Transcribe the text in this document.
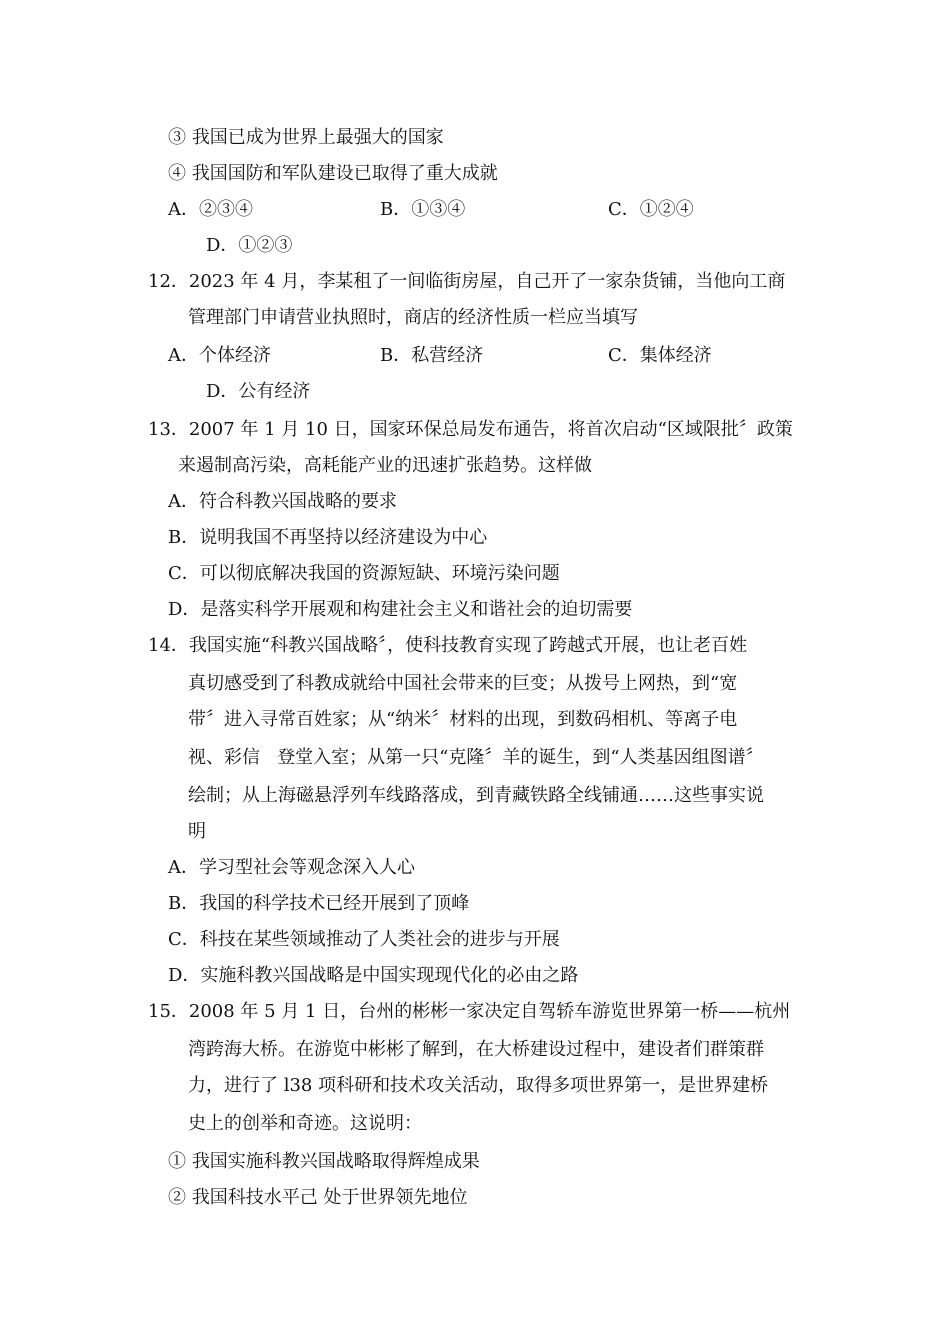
③ 我国已成为世界上最强大的国家
④ 我国国防和军队建设已取得了重大成就
A．②③④	B．①③④	C．①②④
D．①②③
12．2023 年 4 月，李某租了一间临街房屋，自己开了一家杂货铺，当他向工商
管理部门申请营业执照时，商店的经济性质一栏应当填写
A．个体经济	B．私营经济	C．集体经济
D．公有经济
13．2007 年 1 月 10 日，国家环保总局发布通告，将首次启动“区域限批〞政策
来遏制高污染，高耗能产业的迅速扩张趋势。这样做
A．符合科教兴国战略的要求
B．说明我国不再坚持以经济建设为中心
C．可以彻底解决我国的资源短缺、环境污染问题
D．是落实科学开展观和构建社会主义和谐社会的迫切需要
14．我国实施“科教兴国战略〞，使科技教育实现了跨越式开展，也让老百姓
真切感受到了科教成就给中国社会带来的巨变；从拨号上网热，到“宽
带〞进入寻常百姓家；从“纳米〞材料的出现，到数码相机、等离子电
视、彩信   登堂入室；从第一只“克隆〞羊的诞生，到“人类基因组图谱〞
绘制；从上海磁悬浮列车线路落成，到青藏铁路全线铺通……这些事实说
明
A．学习型社会等观念深入人心
B．我国的科学技术已经开展到了顶峰
C．科技在某些领域推动了人类社会的进步与开展
D．实施科教兴国战略是中国实现现代化的必由之路
15．2008 年 5 月 1 日，台州的彬彬一家决定自驾轿车游览世界第一桥——杭州
湾跨海大桥。在游览中彬彬了解到，在大桥建设过程中，建设者们群策群
力，进行了 l38 项科研和技术攻关活动，取得多项世界第一，是世界建桥
史上的创举和奇迹。这说明：
① 我国实施科教兴国战略取得辉煌成果
② 我国科技水平己 处于世界领先地位
